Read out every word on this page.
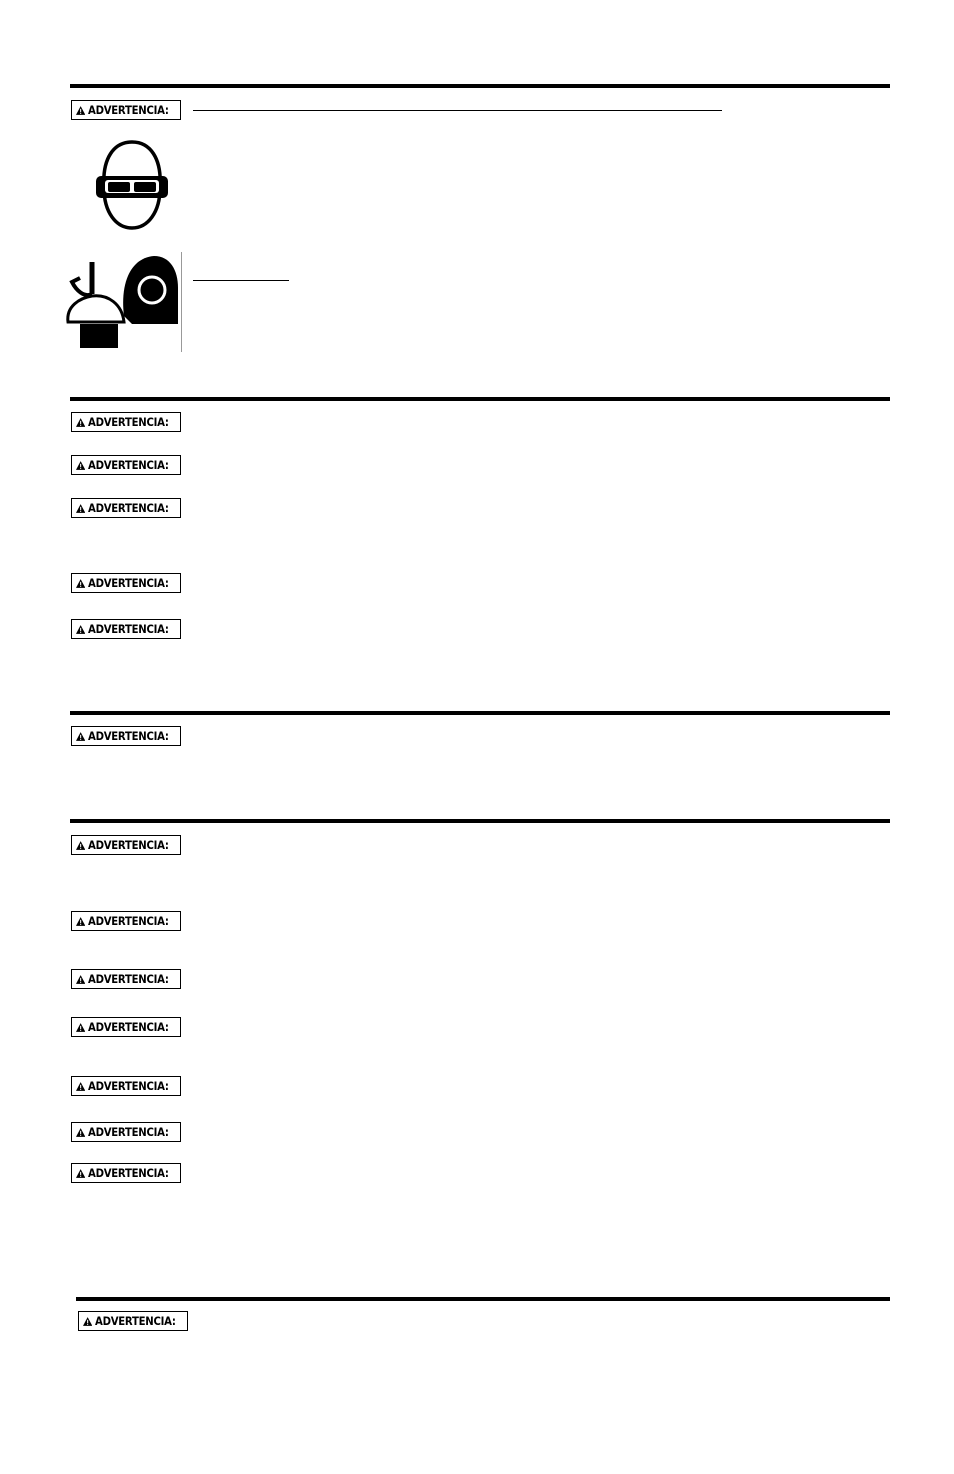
ADVERTENCIA:
ADVERTENCIA:
ADVERTENCIA:
ADVERTENCIA:
ADVERTENCIA:
ADVERTENCIA:
ADVERTENCIA:
ADVERTENCIA:
ADVERTENCIA:
ADVERTENCIA:
ADVERTENCIA:
ADVERTENCIA:
ADVERTENCIA:
ADVERTENCIA:
ADVERTENCIA:
